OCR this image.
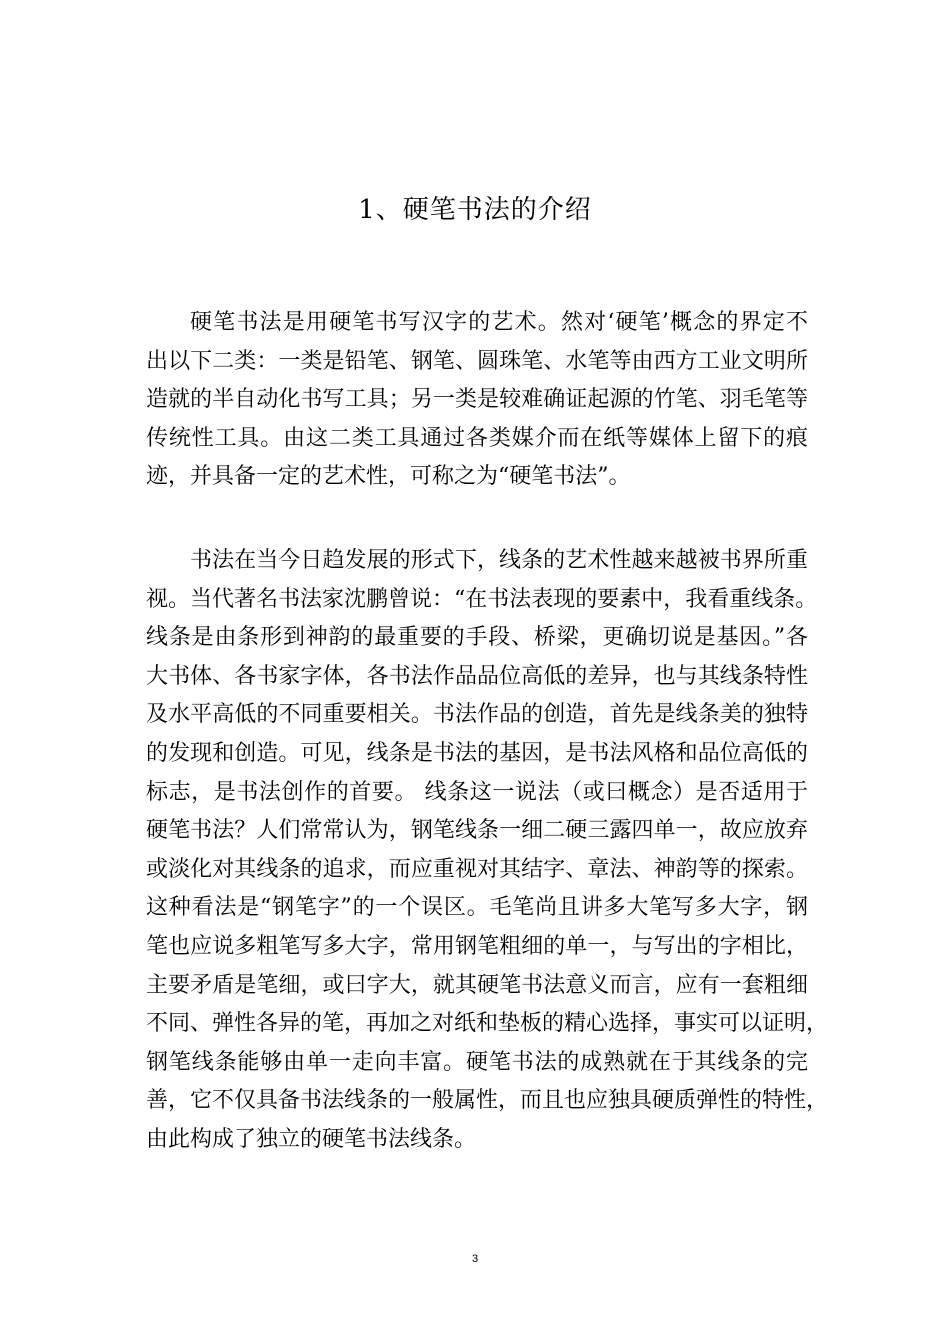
1、硬笔书法的介绍
硬笔书法是用硬笔书写汉字的艺术。然对‘硬笔’概念的界定不
出以下二类：一类是铅笔、钢笔、圆珠笔、水笔等由西方工业文明所
造就的半自动化书写工具；另一类是较难确证起源的竹笔、羽毛笔等
传统性工具。由这二类工具通过各类媒介而在纸等媒体上留下的痕
迹，并具备一定的艺术性，可称之为“硬笔书法”。
书法在当今日趋发展的形式下，线条的艺术性越来越被书界所重
视。当代著名书法家沈鹏曾说：“在书法表现的要素中，我看重线条。
线条是由条形到神韵的最重要的手段、桥梁，更确切说是基因。”各
大书体、各书家字体，各书法作品品位高低的差异，也与其线条特性
及水平高低的不同重要相关。书法作品的创造，首先是线条美的独特
的发现和创造。可见，线条是书法的基因，是书法风格和品位高低的
标志，是书法创作的首要。 线条这一说法（或曰概念）是否适用于
硬笔书法？人们常常认为，钢笔线条一细二硬三露四单一，故应放弃
或淡化对其线条的追求，而应重视对其结字、章法、神韵等的探索。
这种看法是“钢笔字”的一个误区。毛笔尚且讲多大笔写多大字，钢
笔也应说多粗笔写多大字，常用钢笔粗细的单一，与写出的字相比，
主要矛盾是笔细，或曰字大，就其硬笔书法意义而言，应有一套粗细
不同、弹性各异的笔，再加之对纸和垫板的精心选择，事实可以证明，
钢笔线条能够由单一走向丰富。硬笔书法的成熟就在于其线条的完
善，它不仅具备书法线条的一般属性，而且也应独具硬质弹性的特性，
由此构成了独立的硬笔书法线条。
3
